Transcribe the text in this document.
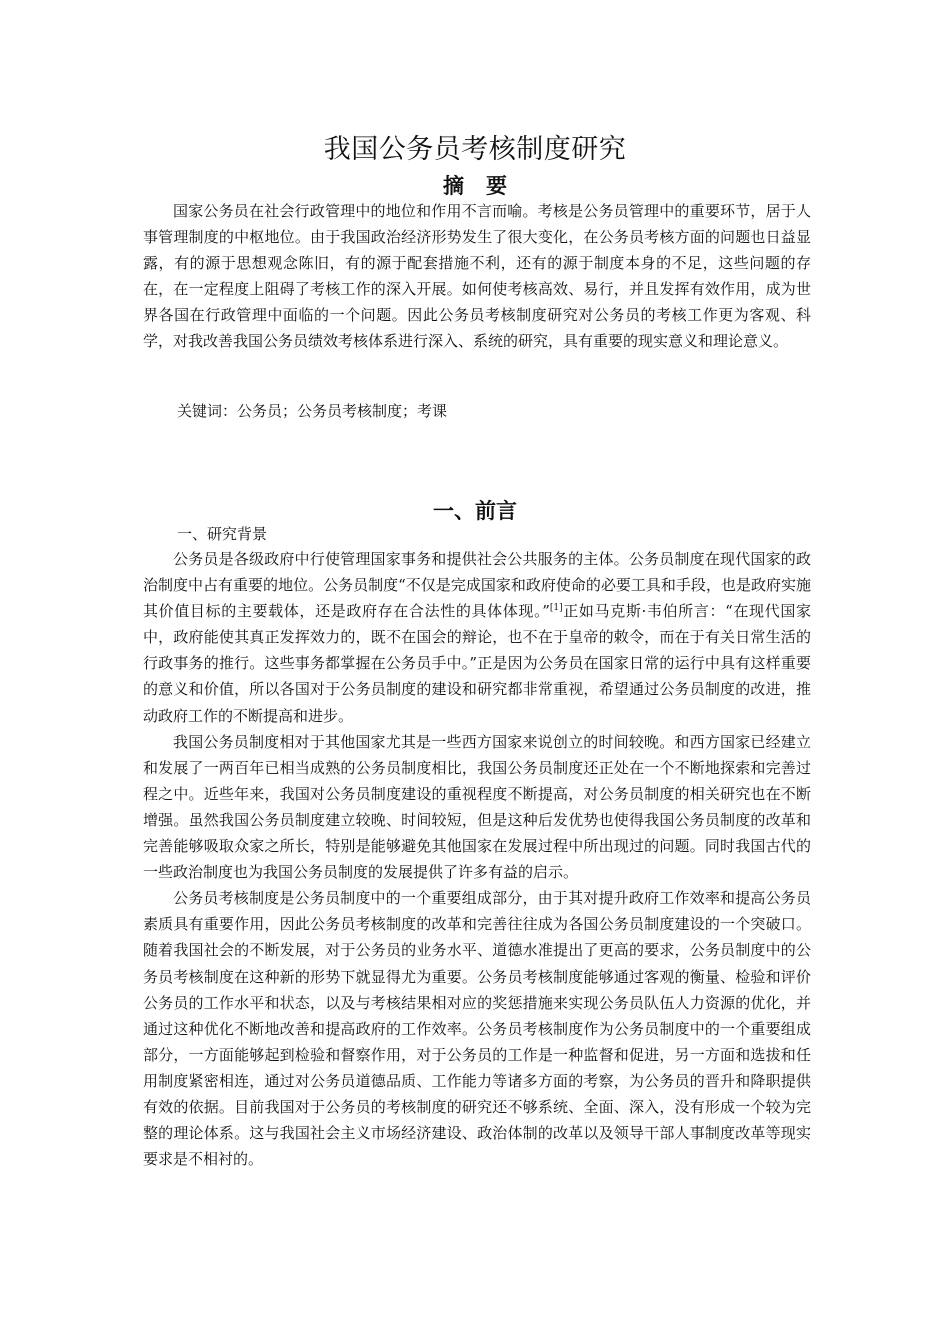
我国公务员考核制度研究
摘 要

国家公务员在社会行政管理中的地位和作用不言而喻。考核是公务员管理中的重要环节，居于人事管理制度的中枢地位。由于我国政治经济形势发生了很大变化，在公务员考核方面的问题也日益显露，有的源于思想观念陈旧，有的源于配套措施不利，还有的源于制度本身的不足，这些问题的存在，在一定程度上阻碍了考核工作的深入开展。如何使考核高效、易行，并且发挥有效作用，成为世界各国在行政管理中面临的一个问题。因此公务员考核制度研究对公务员的考核工作更为客观、科学，对我改善我国公务员绩效考核体系进行深入、系统的研究，具有重要的现实意义和理论意义。

关键词：公务员；公务员考核制度；考课
一、前言
一、研究背景

公务员是各级政府中行使管理国家事务和提供社会公共服务的主体。公务员制度在现代国家的政治制度中占有重要的地位。公务员制度“不仅是完成国家和政府使命的必要工具和手段，也是政府实施其价值目标的主要载体，还是政府存在合法性的具体体现。”[1]正如马克斯·韦伯所言：“在现代国家中，政府能使其真正发挥效力的，既不在国会的辩论，也不在于皇帝的敕令，而在于有关日常生活的行政事务的推行。这些事务都掌握在公务员手中。”正是因为公务员在国家日常的运行中具有这样重要的意义和价值，所以各国对于公务员制度的建设和研究都非常重视，希望通过公务员制度的改进，推动政府工作的不断提高和进步。

我国公务员制度相对于其他国家尤其是一些西方国家来说创立的时间较晚。和西方国家已经建立和发展了一两百年已相当成熟的公务员制度相比，我国公务员制度还正处在一个不断地探索和完善过程之中。近些年来，我国对公务员制度建设的重视程度不断提高，对公务员制度的相关研究也在不断增强。虽然我国公务员制度建立较晚、时间较短，但是这种后发优势也使得我国公务员制度的改革和完善能够吸取众家之所长，特别是能够避免其他国家在发展过程中所出现过的问题。同时我国古代的一些政治制度也为我国公务员制度的发展提供了许多有益的启示。

公务员考核制度是公务员制度中的一个重要组成部分，由于其对提升政府工作效率和提高公务员素质具有重要作用，因此公务员考核制度的改革和完善往往成为各国公务员制度建设的一个突破口。随着我国社会的不断发展，对于公务员的业务水平、道德水准提出了更高的要求，公务员制度中的公务员考核制度在这种新的形势下就显得尤为重要。公务员考核制度能够通过客观的衡量、检验和评价公务员的工作水平和状态，以及与考核结果相对应的奖惩措施来实现公务员队伍人力资源的优化，并通过这种优化不断地改善和提高政府的工作效率。公务员考核制度作为公务员制度中的一个重要组成部分，一方面能够起到检验和督察作用，对于公务员的工作是一种监督和促进，另一方面和选拔和任用制度紧密相连，通过对公务员道德品质、工作能力等诸多方面的考察，为公务员的晋升和降职提供有效的依据。目前我国对于公务员的考核制度的研究还不够系统、全面、深入，没有形成一个较为完整的理论体系。这与我国社会主义市场经济建设、政治体制的改革以及领导干部人事制度改革等现实要求是不相衬的。
